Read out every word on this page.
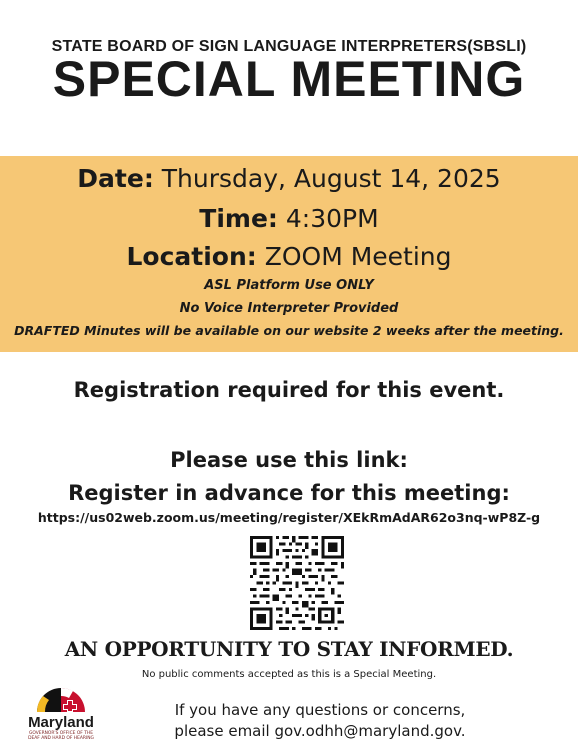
STATE BOARD OF SIGN LANGUAGE INTERPRETERS(SBSLI)
SPECIAL MEETING
Date: Thursday, August 14, 2025
Time: 4:30PM
Location: ZOOM Meeting
ASL Platform Use ONLY
No Voice Interpreter Provided
DRAFTED Minutes will be available on our website 2 weeks after the meeting.
Registration required for this event.
Please use this link:
Register in advance for this meeting:
https://us02web.zoom.us/meeting/register/XEkRmAdAR62o3nq-wP8Z-g
AN OPPORTUNITY TO STAY INFORMED.
No public comments accepted as this is a Special Meeting.
If you have any questions or concerns,
please email gov.odhh@maryland.gov.
Maryland
GOVERNOR'S OFFICE OF THE
DEAF AND HARD OF HEARING
